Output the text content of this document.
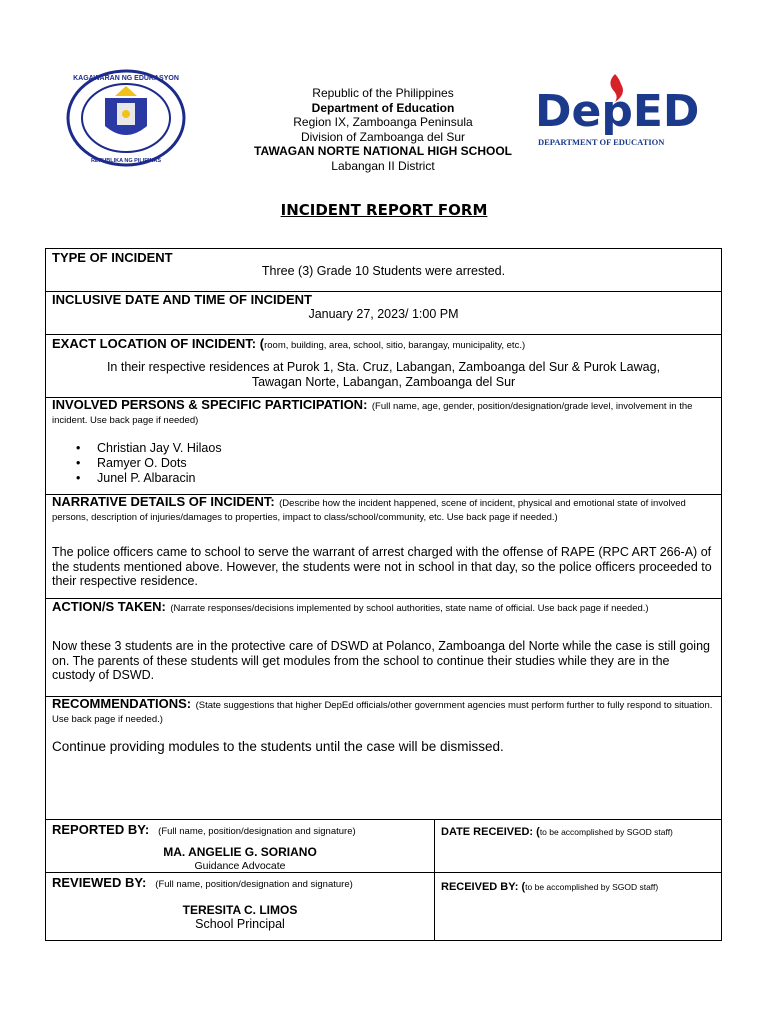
KAGAWARAN NG EDUKASYON
REPUBLIKA NG PILIPINAS
Republic of the Philippines
Department of Education
Region IX, Zamboanga Peninsula
Division of Zamboanga del Sur
TAWAGAN NORTE NATIONAL HIGH SCHOOL
Labangan II District
DepED
DEPARTMENT OF EDUCATION
INCIDENT REPORT FORM
TYPE OF INCIDENT
Three (3) Grade 10 Students were arrested.
INCLUSIVE DATE AND TIME OF INCIDENT
January 27, 2023/ 1:00 PM
EXACT LOCATION OF INCIDENT: (room, building, area, school, sitio, barangay, municipality, etc.)
In their respective residences at Purok 1, Sta. Cruz, Labangan, Zamboanga del Sur & Purok Lawag,
Tawagan Norte, Labangan, Zamboanga del Sur
INVOLVED PERSONS & SPECIFIC PARTICIPATION: (Full name, age, gender, position/designation/grade level, involvement in the incident. Use back page if needed)
• Christian Jay V. Hilaos
• Ramyer O. Dots
• Junel P. Albaracin
NARRATIVE DETAILS OF INCIDENT: (Describe how the incident happened, scene of incident, physical and emotional state of involved persons, description of injuries/damages to properties, impact to class/school/community, etc. Use back page if needed.)
The police officers came to school to serve the warrant of arrest charged with the offense of RAPE (RPC ART 266-A) of the students mentioned above. However, the students were not in school in that day, so the police officers proceeded to their respective residence.
ACTION/S TAKEN: (Narrate responses/decisions implemented by school authorities, state name of official. Use back page if needed.)
Now these 3 students are in the protective care of DSWD at Polanco, Zamboanga del Norte while the case is still going on. The parents of these students will get modules from the school to continue their studies while they are in the custody of DSWD.
RECOMMENDATIONS: (State suggestions that higher DepEd officials/other government agencies must perform further to fully respond to situation. Use back page if needed.)
Continue providing modules to the students until the case will be dismissed.
REPORTED BY: (Full name, position/designation and signature)
MA. ANGELIE G. SORIANO
Guidance Advocate
DATE RECEIVED: (to be accomplished by SGOD staff)
REVIEWED BY: (Full name, position/designation and signature)
TERESITA C. LIMOS
School Principal
RECEIVED BY: (to be accomplished by SGOD staff)
